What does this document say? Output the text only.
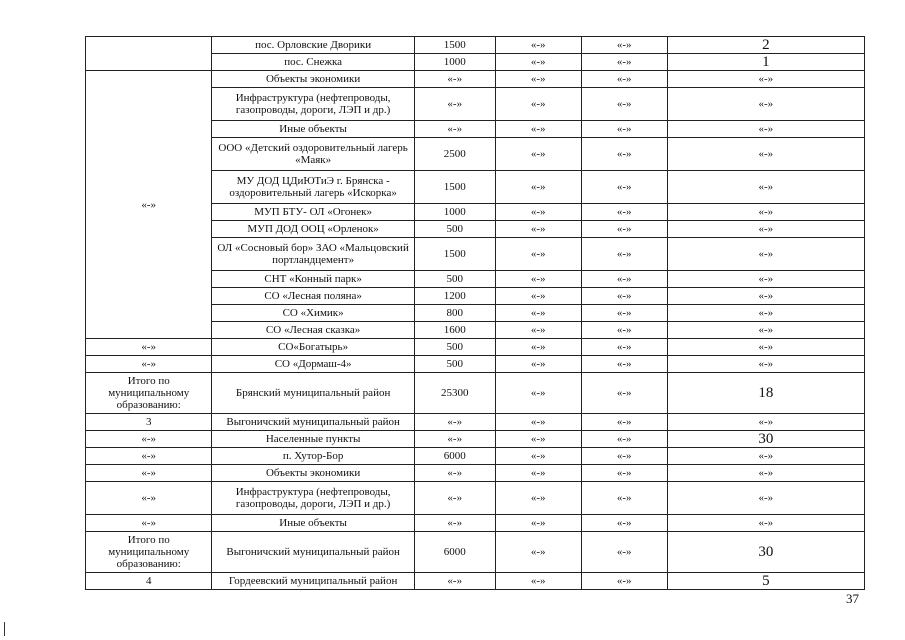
	пос. Орловские Дворики	1500	«-»	«-»	2
	пос. Снежка	1000	«-»	«-»	1
«-»	Объекты экономики	«-»	«-»	«-»	«-»
	Инфраструктура (нефтепроводы, газопроводы, дороги, ЛЭП и др.)	«-»	«-»	«-»	«-»
	Иные объекты	«-»	«-»	«-»	«-»
	ООО «Детский оздоровительный лагерь «Маяк»	2500	«-»	«-»	«-»
	МУ ДОД ЦДиЮТиЭ г. Брянска - оздоровительный лагерь «Искорка»	1500	«-»	«-»	«-»
	МУП БТУ- ОЛ «Огонек»	1000	«-»	«-»	«-»
	МУП ДОД ООЦ «Орленок»	500	«-»	«-»	«-»
	ОЛ «Сосновый бор» ЗАО «Мальцовский портландцемент»	1500	«-»	«-»	«-»
	СНТ «Конный парк»	500	«-»	«-»	«-»
	СО «Лесная поляна»	1200	«-»	«-»	«-»
	СО «Химик»	800	«-»	«-»	«-»
	СО «Лесная сказка»	1600	«-»	«-»	«-»
«-»	СО«Богатырь»	500	«-»	«-»	«-»
«-»	СО «Дормаш-4»	500	«-»	«-»	«-»
Итого по муниципальному образованию:	Брянский муниципальный район	25300	«-»	«-»	18
3	Выгоничский муниципальный район	«-»	«-»	«-»	«-»
«-»	Населенные пункты	«-»	«-»	«-»	30
«-»	п. Хутор-Бор	6000	«-»	«-»	«-»
«-»	Объекты экономики	«-»	«-»	«-»	«-»
«-»	Инфраструктура (нефтепроводы, газопроводы, дороги, ЛЭП и др.)	«-»	«-»	«-»	«-»
«-»	Иные объекты	«-»	«-»	«-»	«-»
Итого по муниципальному образованию:	Выгоничский муниципальный район	6000	«-»	«-»	30
4	Гордеевский муниципальный район	«-»	«-»	«-»	5
37
